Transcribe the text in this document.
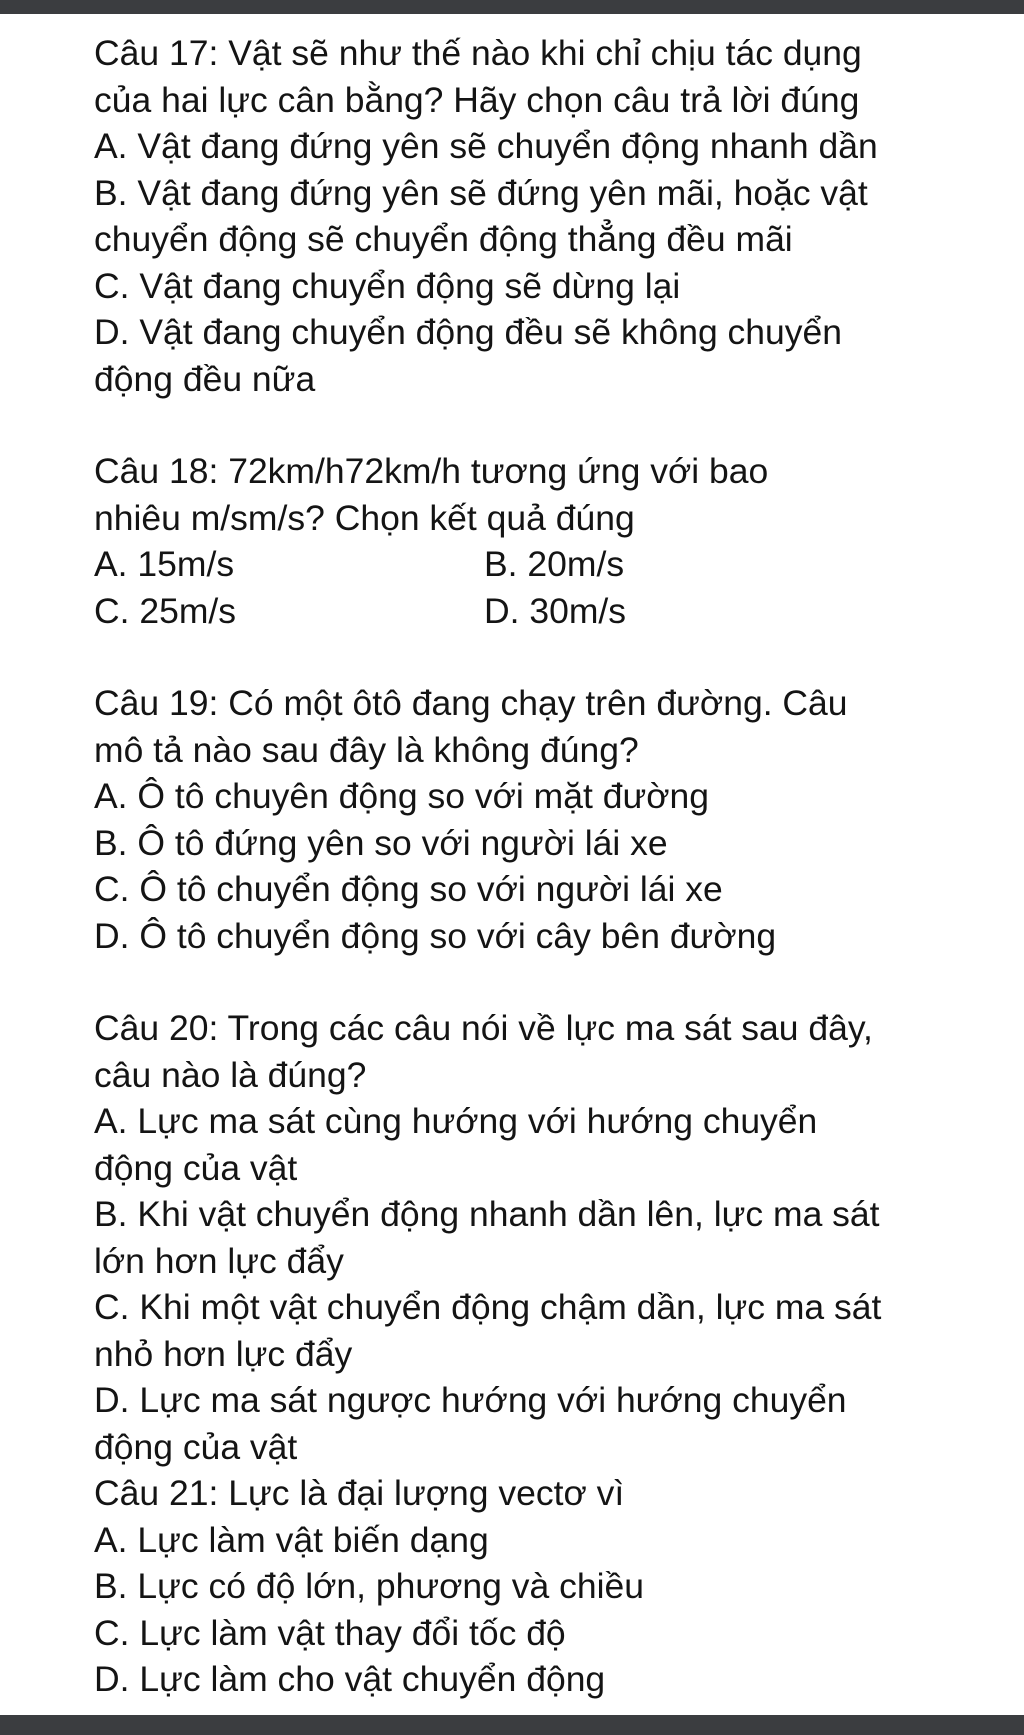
Câu 17: Vật sẽ như thế nào khi chỉ chịu tác dụng
của hai lực cân bằng? Hãy chọn câu trả lời đúng
A. Vật đang đứng yên sẽ chuyển động nhanh dần
B. Vật đang đứng yên sẽ đứng yên mãi, hoặc vật
chuyển động sẽ chuyển động thẳng đều mãi
C. Vật đang chuyển động sẽ dừng lại
D. Vật đang chuyển động đều sẽ không chuyển
động đều nữa
Câu 18: 72km/h72km/h tương ứng với bao
nhiêu m/sm/s? Chọn kết quả đúng
A. 15m/s	B. 20m/s
C. 25m/s	D. 30m/s
Câu 19: Có một ôtô đang chạy trên đường. Câu
mô tả nào sau đây là không đúng?
A. Ô tô chuyên động so với mặt đường
B. Ô tô đứng yên so với người lái xe
C. Ô tô chuyển động so với người lái xe
D. Ô tô chuyển động so với cây bên đường
Câu 20: Trong các câu nói về lực ma sát sau đây,
câu nào là đúng?
A. Lực ma sát cùng hướng với hướng chuyển
động của vật
B. Khi vật chuyển động nhanh dần lên, lực ma sát
lớn hơn lực đẩy
C. Khi một vật chuyển động chậm dần, lực ma sát
nhỏ hơn lực đẩy
D. Lực ma sát ngược hướng với hướng chuyển
động của vật
Câu 21: Lực là đại lượng vectơ vì
A. Lực làm vật biến dạng
B. Lực có độ lớn, phương và chiều
C. Lực làm vật thay đổi tốc độ
D. Lực làm cho vật chuyển động
